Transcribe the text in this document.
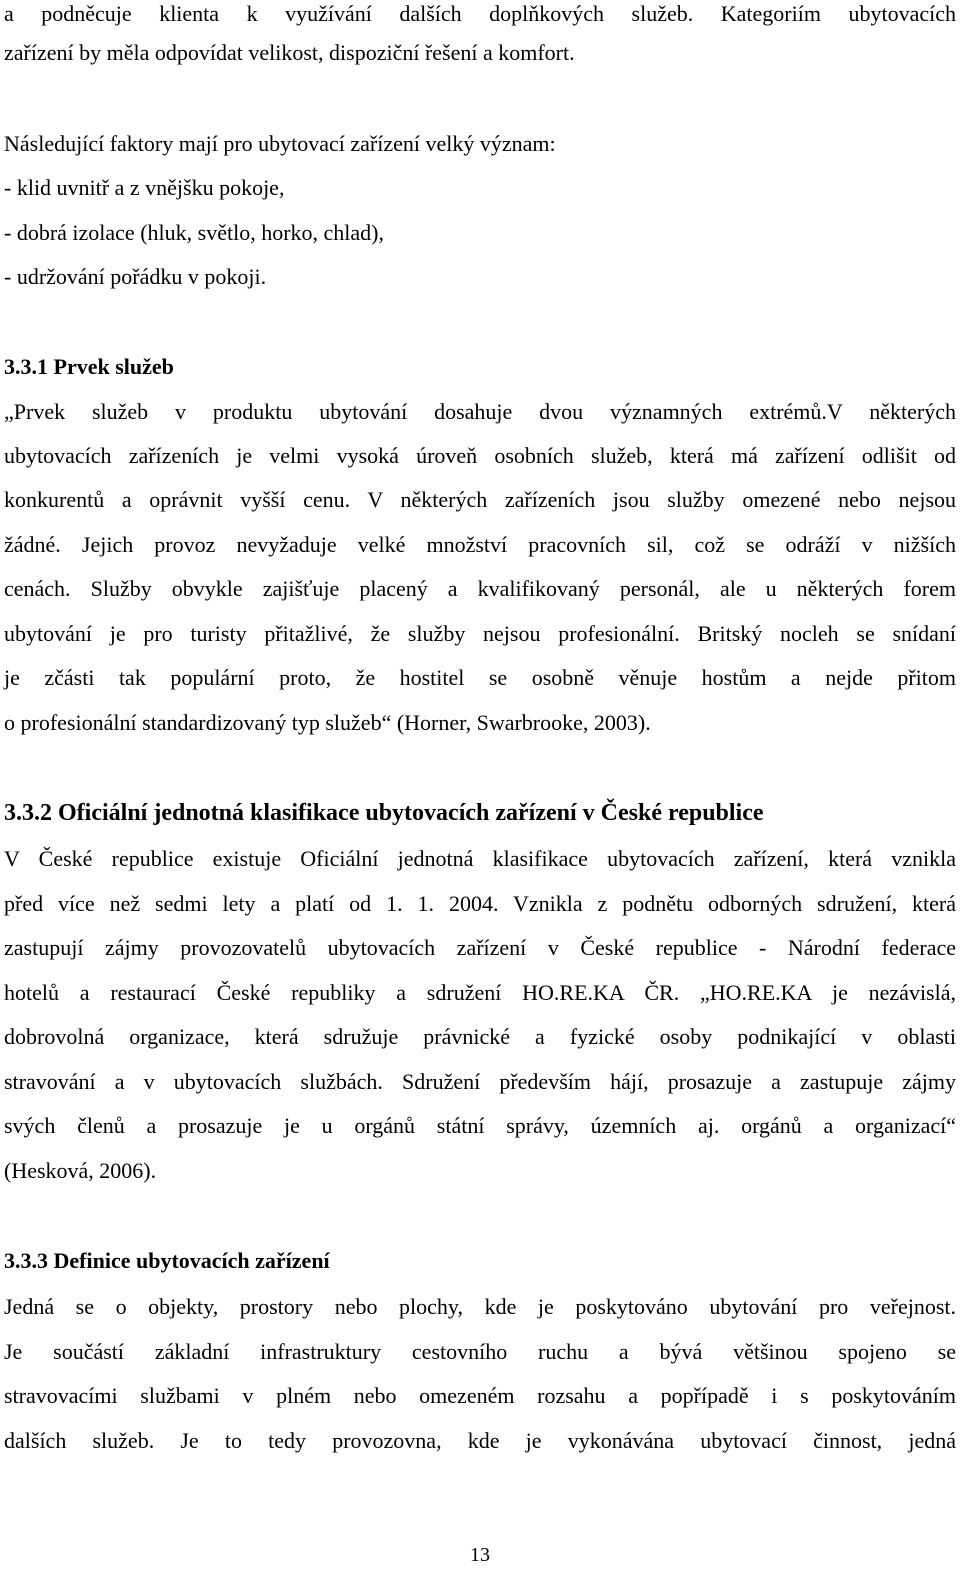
a podněcuje klienta k využívání dalších doplňkových služeb. Kategoriím ubytovacích
zařízení by měla odpovídat velikost, dispoziční řešení a komfort.
Následující faktory mají pro ubytovací zařízení velký význam:
- klid uvnitř a z vnějšku pokoje,
- dobrá izolace (hluk, světlo, horko, chlad),
- udržování pořádku v pokoji.
3.3.1 Prvek služeb
„Prvek služeb v produktu ubytování dosahuje dvou významných extrémů.V některých
ubytovacích zařízeních je velmi vysoká úroveň osobních služeb, která má zařízení odlišit od
konkurentů a oprávnit vyšší cenu. V některých zařízeních jsou služby omezené nebo nejsou
žádné. Jejich provoz nevyžaduje velké množství pracovních sil, což se odráží v nižších
cenách. Služby obvykle zajišťuje placený a kvalifikovaný personál, ale u některých forem
ubytování je pro turisty přitažlivé, že služby nejsou profesionální. Britský nocleh se snídaní
je zčásti tak populární proto, že hostitel se osobně věnuje hostům a nejde přitom
o profesionální standardizovaný typ služeb“ (Horner, Swarbrooke, 2003).
3.3.2 Oficiální jednotná klasifikace ubytovacích zařízení v České republice
V České republice existuje Oficiální jednotná klasifikace ubytovacích zařízení, která vznikla
před více než sedmi lety a platí od 1. 1. 2004. Vznikla z podnětu odborných sdružení, která
zastupují zájmy provozovatelů ubytovacích zařízení v České republice - Národní federace
hotelů a restaurací České republiky a sdružení HO.RE.KA ČR. „HO.RE.KA je nezávislá,
dobrovolná organizace, která sdružuje právnické a fyzické osoby podnikající v oblasti
stravování a v ubytovacích službách. Sdružení především hájí, prosazuje a zastupuje zájmy
svých členů a prosazuje je u orgánů státní správy, územních aj. orgánů a organizací“
(Hesková, 2006).
3.3.3 Definice ubytovacích zařízení
Jedná se o objekty, prostory nebo plochy, kde je poskytováno ubytování pro veřejnost.
Je součástí základní infrastruktury cestovního ruchu a bývá většinou spojeno se
stravovacími službami v plném nebo omezeném rozsahu a popřípadě i s poskytováním
dalších služeb. Je to tedy provozovna, kde je vykonávána ubytovací činnost, jedná
13
